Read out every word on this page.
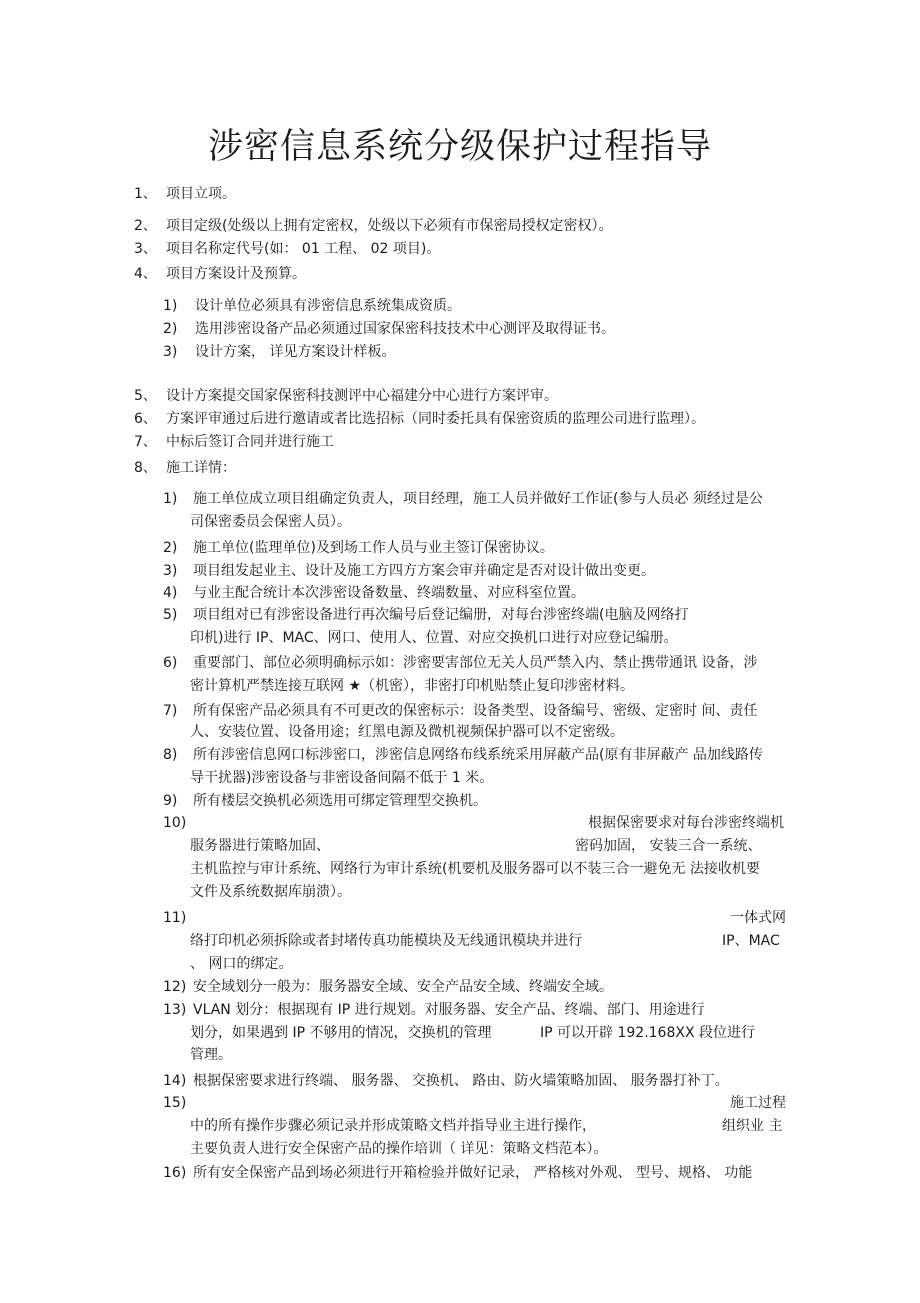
涉密信息系统分级保护过程指导
1、 项目立项。
2、 项目定级(处级以上拥有定密权，处级以下必须有市保密局授权定密权）。
3、 项目名称定代号(如： 01 工程、 02 项目)。
4、 项目方案设计及预算。
1) 设计单位必须具有涉密信息系统集成资质。
2) 选用涉密设备产品必须通过国家保密科技技术中心测评及取得证书。
3) 设计方案， 详见方案设计样板。
5、 设计方案提交国家保密科技测评中心福建分中心进行方案评审。
6、 方案评审通过后进行邀请或者比选招标（同时委托具有保密资质的监理公司进行监理）。
7、 中标后签订合同并进行施工
8、 施工详情：
1) 施工单位成立项目组确定负责人，项目经理，施工人员并做好工作证(参与人员必 须经过是公
司保密委员会保密人员）。
2) 施工单位(监理单位)及到场工作人员与业主签订保密协议。
3) 项目组发起业主、设计及施工方四方方案会审并确定是否对设计做出变更。
4) 与业主配合统计本次涉密设备数量、终端数量、对应科室位置。
5) 项目组对已有涉密设备进行再次编号后登记编册，对每台涉密终端(电脑及网络打
印机)进行 IP、MAC、网口、使用人、位置、对应交换机口进行对应登记编册。
6) 重要部门、部位必须明确标示如：涉密要害部位无关人员严禁入内、禁止携带通讯 设备，涉
密计算机严禁连接互联网 ★（机密），非密打印机贴禁止复印涉密材料。
7) 所有保密产品必须具有不可更改的保密标示：设备类型、设备编号、密级、定密时 间、责任
人、安装位置、设备用途；红黑电源及微机视频保护器可以不定密级。
8) 所有涉密信息网口标涉密口，涉密信息网络布线系统采用屏蔽产品(原有非屏蔽产 品加线路传
导干扰器)涉密设备与非密设备间隔不低于 1 米。
9) 所有楼层交换机必须选用可绑定管理型交换机。
10)	根据保密要求对每台涉密终端机
服务器进行策略加固、	密码加固， 安装三合一系统、
主机监控与审计系统、网络行为审计系统(机要机及服务器可以不装三合一避免无 法接收机要
文件及系统数据库崩溃）。
11)	一体式网
络打印机必须拆除或者封堵传真功能模块及无线通讯模块并进行	IP、MAC
、 网口的绑定。
12) 安全域划分一般为：服务器安全域、安全产品安全域、终端安全域。
13) VLAN 划分：根据现有 IP 进行规划。对服务器、安全产品、终端、部门、用途进行
划分，如果遇到 IP 不够用的情况，交换机的管理	IP 可以开辟 192.168XX 段位进行
管理。
14) 根据保密要求进行终端、 服务器、 交换机、 路由、防火墙策略加固、 服务器打补丁。
15)	施工过程
中的所有操作步骤必须记录并形成策略文档并指导业主进行操作，	组织业 主
主要负责人进行安全保密产品的操作培训（ 详见：策略文档范本）。
16) 所有安全保密产品到场必须进行开箱检验并做好记录， 严格核对外观、 型号、规格、 功能
